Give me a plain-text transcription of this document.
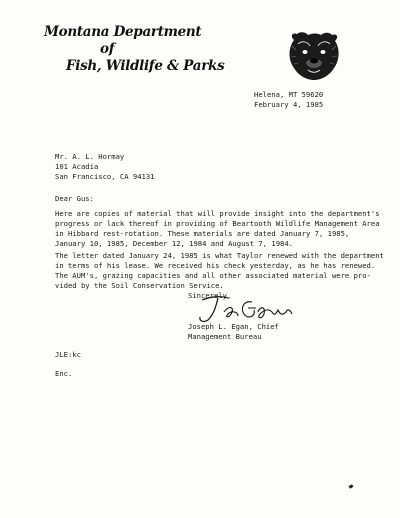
Montana Department
of
Fish, Wildlife & Parks
Helena, MT 59620
February 4, 1985
Mr. A. L. Hormay
101 Acadia
San Francisco, CA 94131
Dear Gus:
Here are copies of material that will provide insight into the department's
progress or lack thereof in providing of Beartooth Wildlife Management Area
in Hibbard rest-rotation. These materials are dated January 7, 1985,
January 10, 1985, December 12, 1984 and August 7, 1984.
The letter dated January 24, 1985 is what Taylor renewed with the department
in terms of his lease. We received his check yesterday, as he has renewed.
The AUM's, grazing capacities and all other associated material were pro-
vided by the Soil Conservation Service.
Sincerely,
Joseph L. Egan, Chief
Management Bureau
JLE:kc
Enc.
